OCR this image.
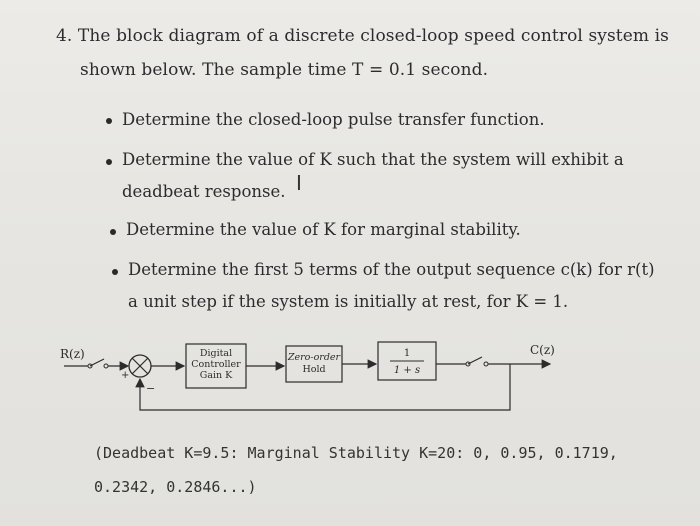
4. The block diagram of a discrete closed-loop speed control system is
shown below. The sample time T = 0.1 second.
Determine the closed-loop pulse transfer function.
Determine the value of K such that the system will exhibit a
deadbeat response. I
Determine the value of K for marginal stability.
Determine the first 5 terms of the output sequence c(k) for r(t)
a unit step if the system is initially at rest, for K = 1.
R(z)
+
−
Digital
Controller
Gain K
Zero-order
Hold
1
1 + s
C(z)
(Deadbeat K=9.5: Marginal Stability K=20: 0, 0.95, 0.1719,
0.2342, 0.2846...)
